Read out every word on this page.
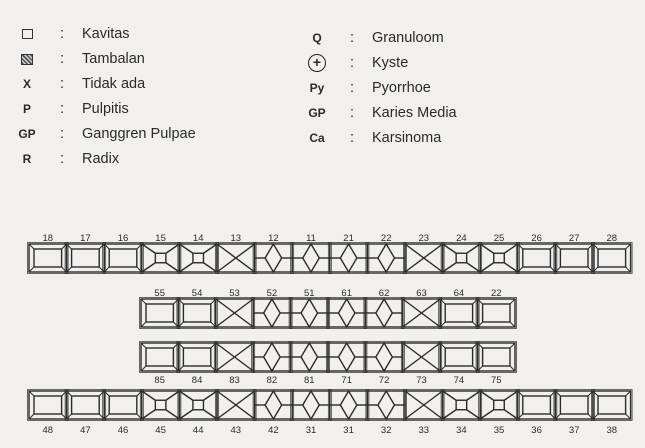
:	Kavitas
:	Tambalan
X	:	Tidak ada
P	:	Pulpitis
GP	:	Ganggren Pulpae
R	:	Radix
Q	:	Granuloom
+	:	Kyste
Py	:	Pyorrhoe
GP	:	Karies Media
Ca	:	Karsinoma
18	17	16	15	14	13	12	11	21	22	23	24	25	26	27	28
55	54	53	52	51	61	62	63	64	22
85	84	83	82	81	71	72	73	74	75
48	47	46	45	44	43	42	31	31	32	33	34	35	36	37	38
